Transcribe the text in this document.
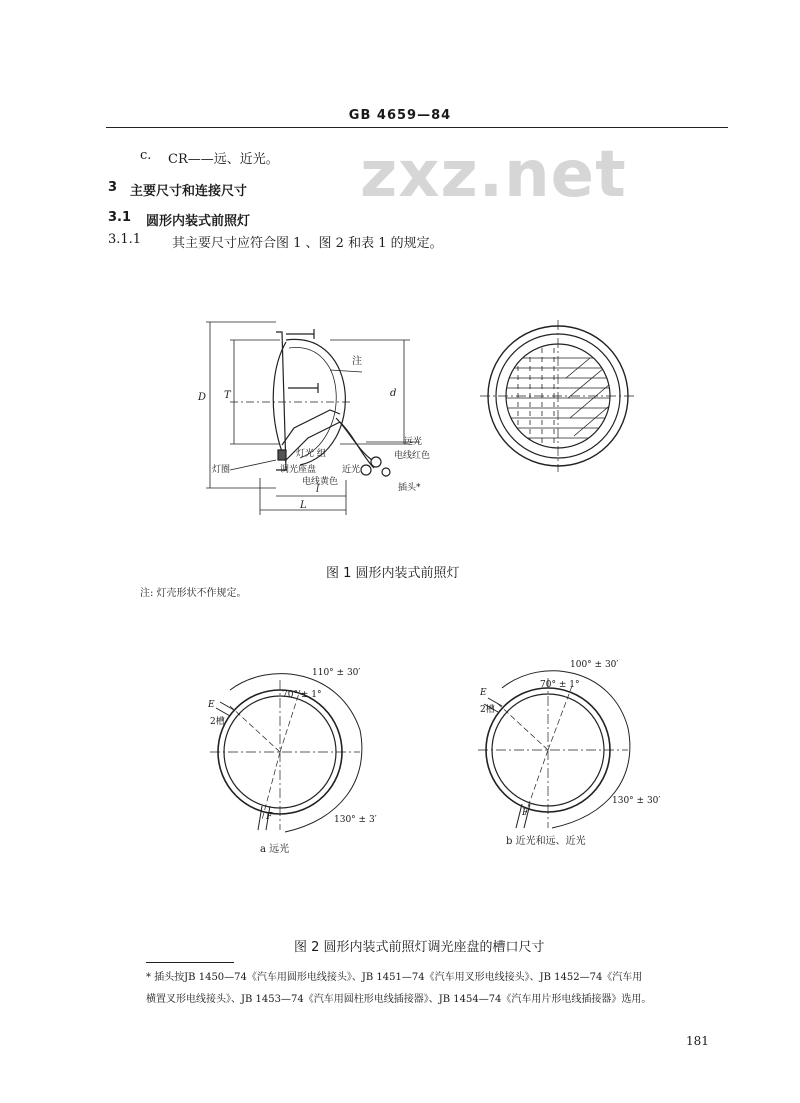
GB 4659—84
zxz.net
c. CR——远、近光。
3 主要尺寸和连接尺寸
3.1 圆形内装式前照灯
3.1.1 其主要尺寸应符合图 1 、图 2 和表 1 的规定。
注
D T	d
l
L
远光
电线红色
灯光 组
近光
灯圈	调光座盘
电线黄色
插头*
图 1 圆形内装式前照灯
注: 灯壳形状不作规定。
110° ± 30′
70° ± 1°
130° ± 3′
2槽
E
F
a 远光
100° ± 30′
70° ± 1°
130° ± 30′
2槽
E
F
b 近光和远、近光
图 2 圆形内装式前照灯调光座盘的槽口尺寸
* 插头按JB 1450—74《汽车用圆形电线接头》、JB 1451—74《汽车用叉形电线接头》、JB 1452—74《汽车用
横置叉形电线接头》、JB 1453—74《汽车用圆柱形电线插接器》、JB 1454—74《汽车用片形电线插接器》选用。
181
